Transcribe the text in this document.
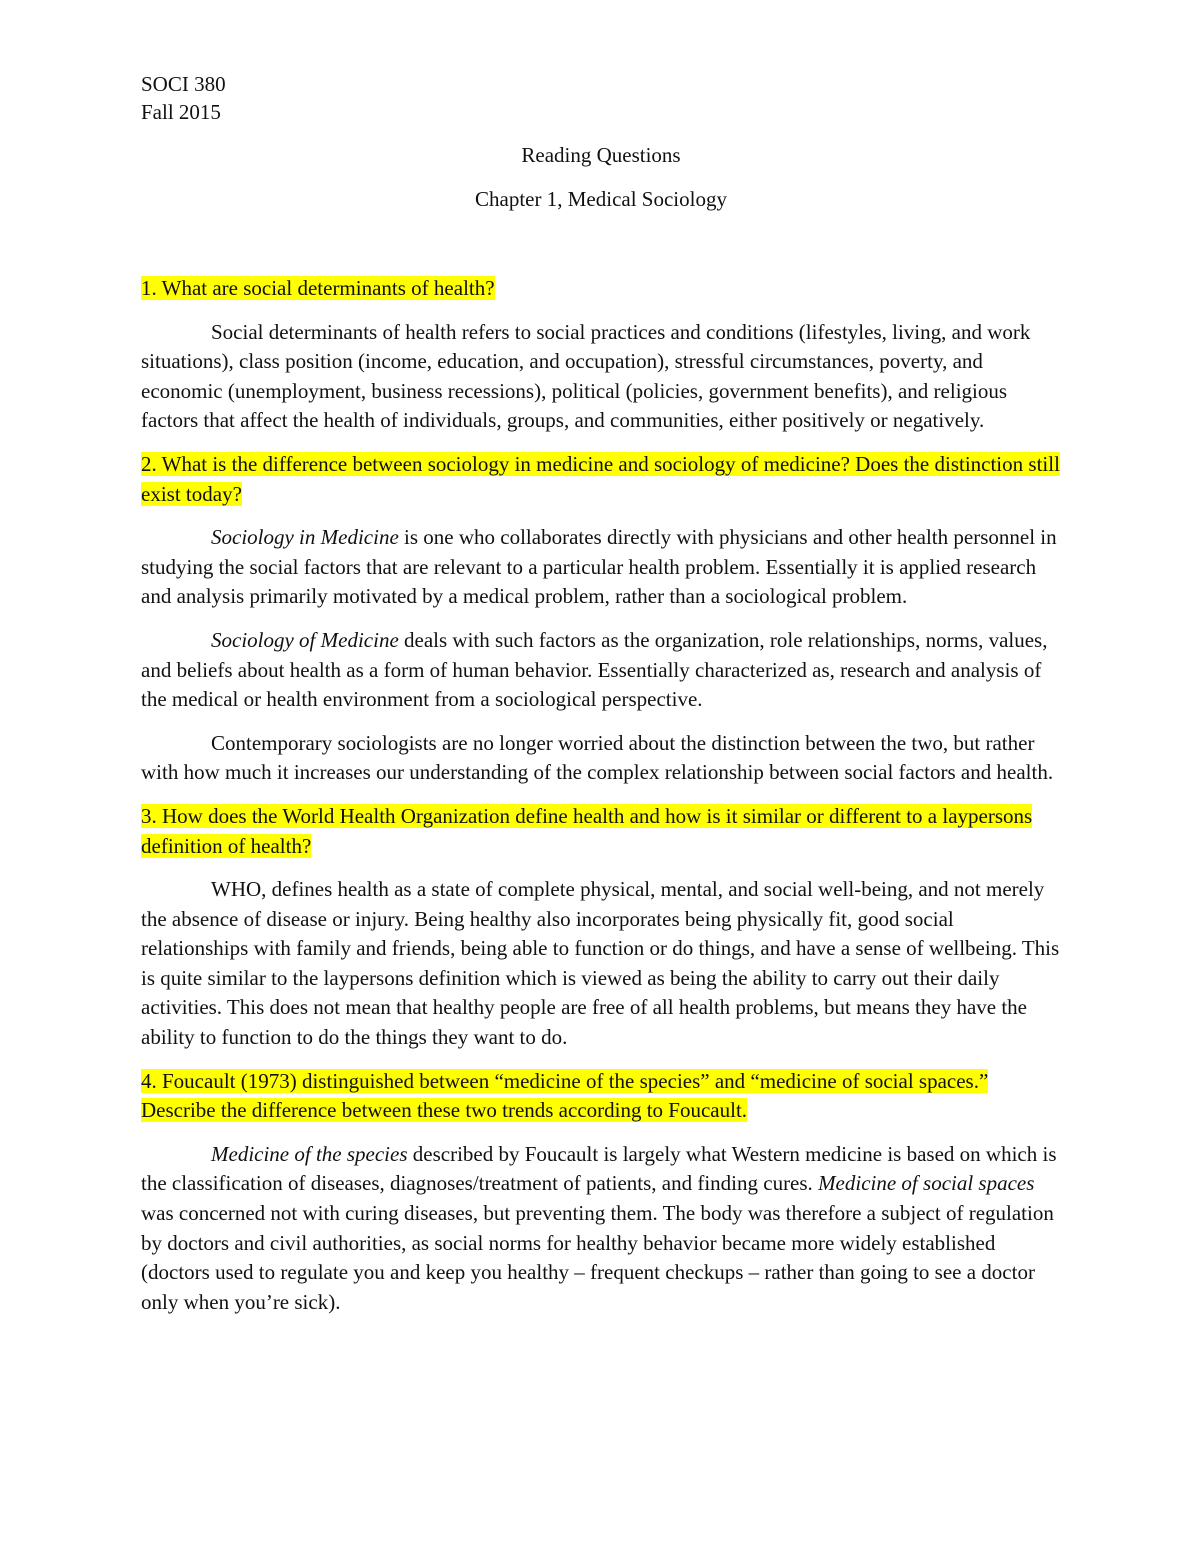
SOCI 380

Fall 2015

Reading Questions

Chapter 1, Medical Sociology

1. What are social determinants of health?

Social determinants of health refers to social practices and conditions (lifestyles, living, and work situations), class position (income, education, and occupation), stressful circumstances, poverty, and economic (unemployment, business recessions), political (policies, government benefits), and religious factors that affect the health of individuals, groups, and communities, either positively or negatively.

2. What is the difference between sociology in medicine and sociology of medicine? Does the distinction still exist today?

Sociology in Medicine is one who collaborates directly with physicians and other health personnel in studying the social factors that are relevant to a particular health problem. Essentially it is applied research and analysis primarily motivated by a medical problem, rather than a sociological problem.

Sociology of Medicine deals with such factors as the organization, role relationships, norms, values, and beliefs about health as a form of human behavior. Essentially characterized as, research and analysis of the medical or health environment from a sociological perspective.

Contemporary sociologists are no longer worried about the distinction between the two, but rather with how much it increases our understanding of the complex relationship between social factors and health.

3. How does the World Health Organization define health and how is it similar or different to a laypersons definition of health?

WHO, defines health as a state of complete physical, mental, and social well-being, and not merely the absence of disease or injury. Being healthy also incorporates being physically fit, good social relationships with family and friends, being able to function or do things, and have a sense of wellbeing. This is quite similar to the laypersons definition which is viewed as being the ability to carry out their daily activities. This does not mean that healthy people are free of all health problems, but means they have the ability to function to do the things they want to do.

4. Foucault (1973) distinguished between “medicine of the species” and “medicine of social spaces.” Describe the difference between these two trends according to Foucault.

Medicine of the species described by Foucault is largely what Western medicine is based on which is the classification of diseases, diagnoses/treatment of patients, and finding cures. Medicine of social spaces was concerned not with curing diseases, but preventing them. The body was therefore a subject of regulation by doctors and civil authorities, as social norms for healthy behavior became more widely established (doctors used to regulate you and keep you healthy – frequent checkups – rather than going to see a doctor only when you’re sick).
